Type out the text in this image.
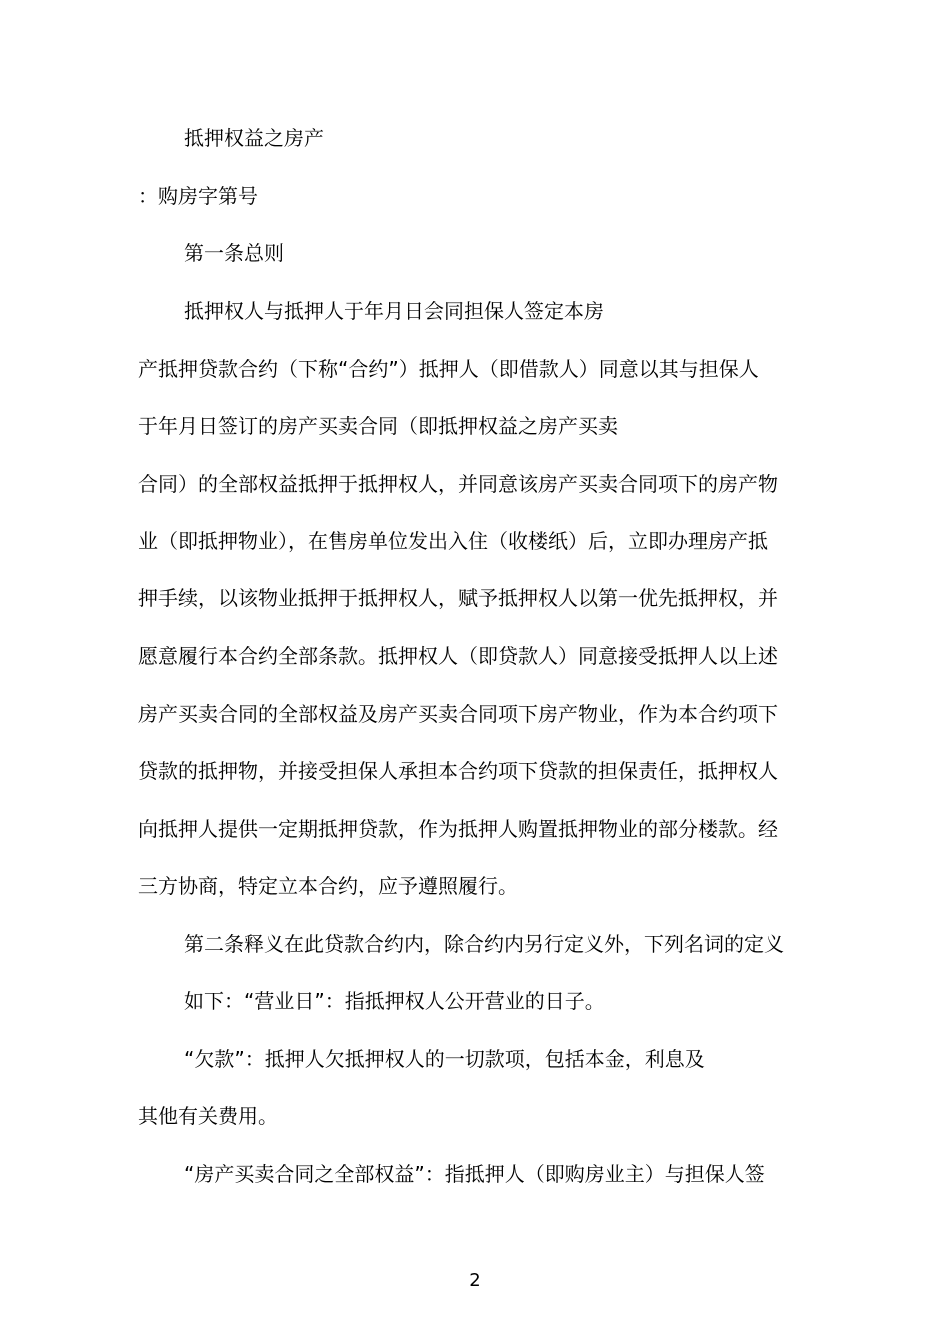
抵押权益之房产
：购房字第号
第一条总则
抵押权人与抵押人于年月日会同担保人签定本房
产抵押贷款合约（下称“合约”）抵押人（即借款人）同意以其与担保人
于年月日签订的房产买卖合同（即抵押权益之房产买卖
合同）的全部权益抵押于抵押权人，并同意该房产买卖合同项下的房产物
业（即抵押物业），在售房单位发出入住（收楼纸）后，立即办理房产抵
押手续，以该物业抵押于抵押权人，赋予抵押权人以第一优先抵押权，并
愿意履行本合约全部条款。抵押权人（即贷款人）同意接受抵押人以上述
房产买卖合同的全部权益及房产买卖合同项下房产物业，作为本合约项下
贷款的抵押物，并接受担保人承担本合约项下贷款的担保责任，抵押权人
向抵押人提供一定期抵押贷款，作为抵押人购置抵押物业的部分楼款。经
三方协商，特定立本合约，应予遵照履行。
第二条释义在此贷款合约内，除合约内另行定义外，下列名词的定义
如下：“营业日”：指抵押权人公开营业的日子。
“欠款”：抵押人欠抵押权人的一切款项，包括本金，利息及
其他有关费用。
“房产买卖合同之全部权益”：指抵押人（即购房业主）与担保人签
2
